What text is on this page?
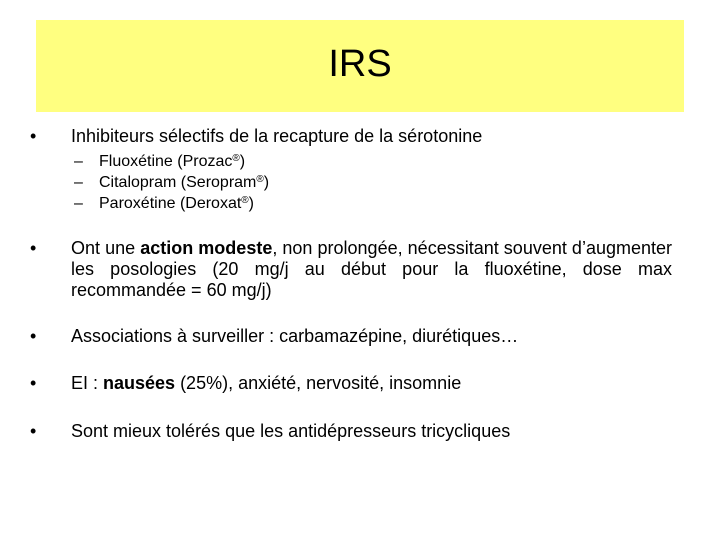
IRS
•	Inhibiteurs sélectifs de la recapture de la sérotonine
– Fluoxétine (Prozac®)
– Citalopram (Seropram®)
– Paroxétine (Deroxat®)
•	Ont une action modeste, non prolongée, nécessitant souvent d’augmenter les posologies (20 mg/j au début pour la fluoxétine, dose max recommandée = 60 mg/j)
•	Associations à surveiller : carbamazépine, diurétiques…
•	EI : nausées (25%), anxiété, nervosité, insomnie
•	Sont mieux tolérés que les antidépresseurs tricycliques
